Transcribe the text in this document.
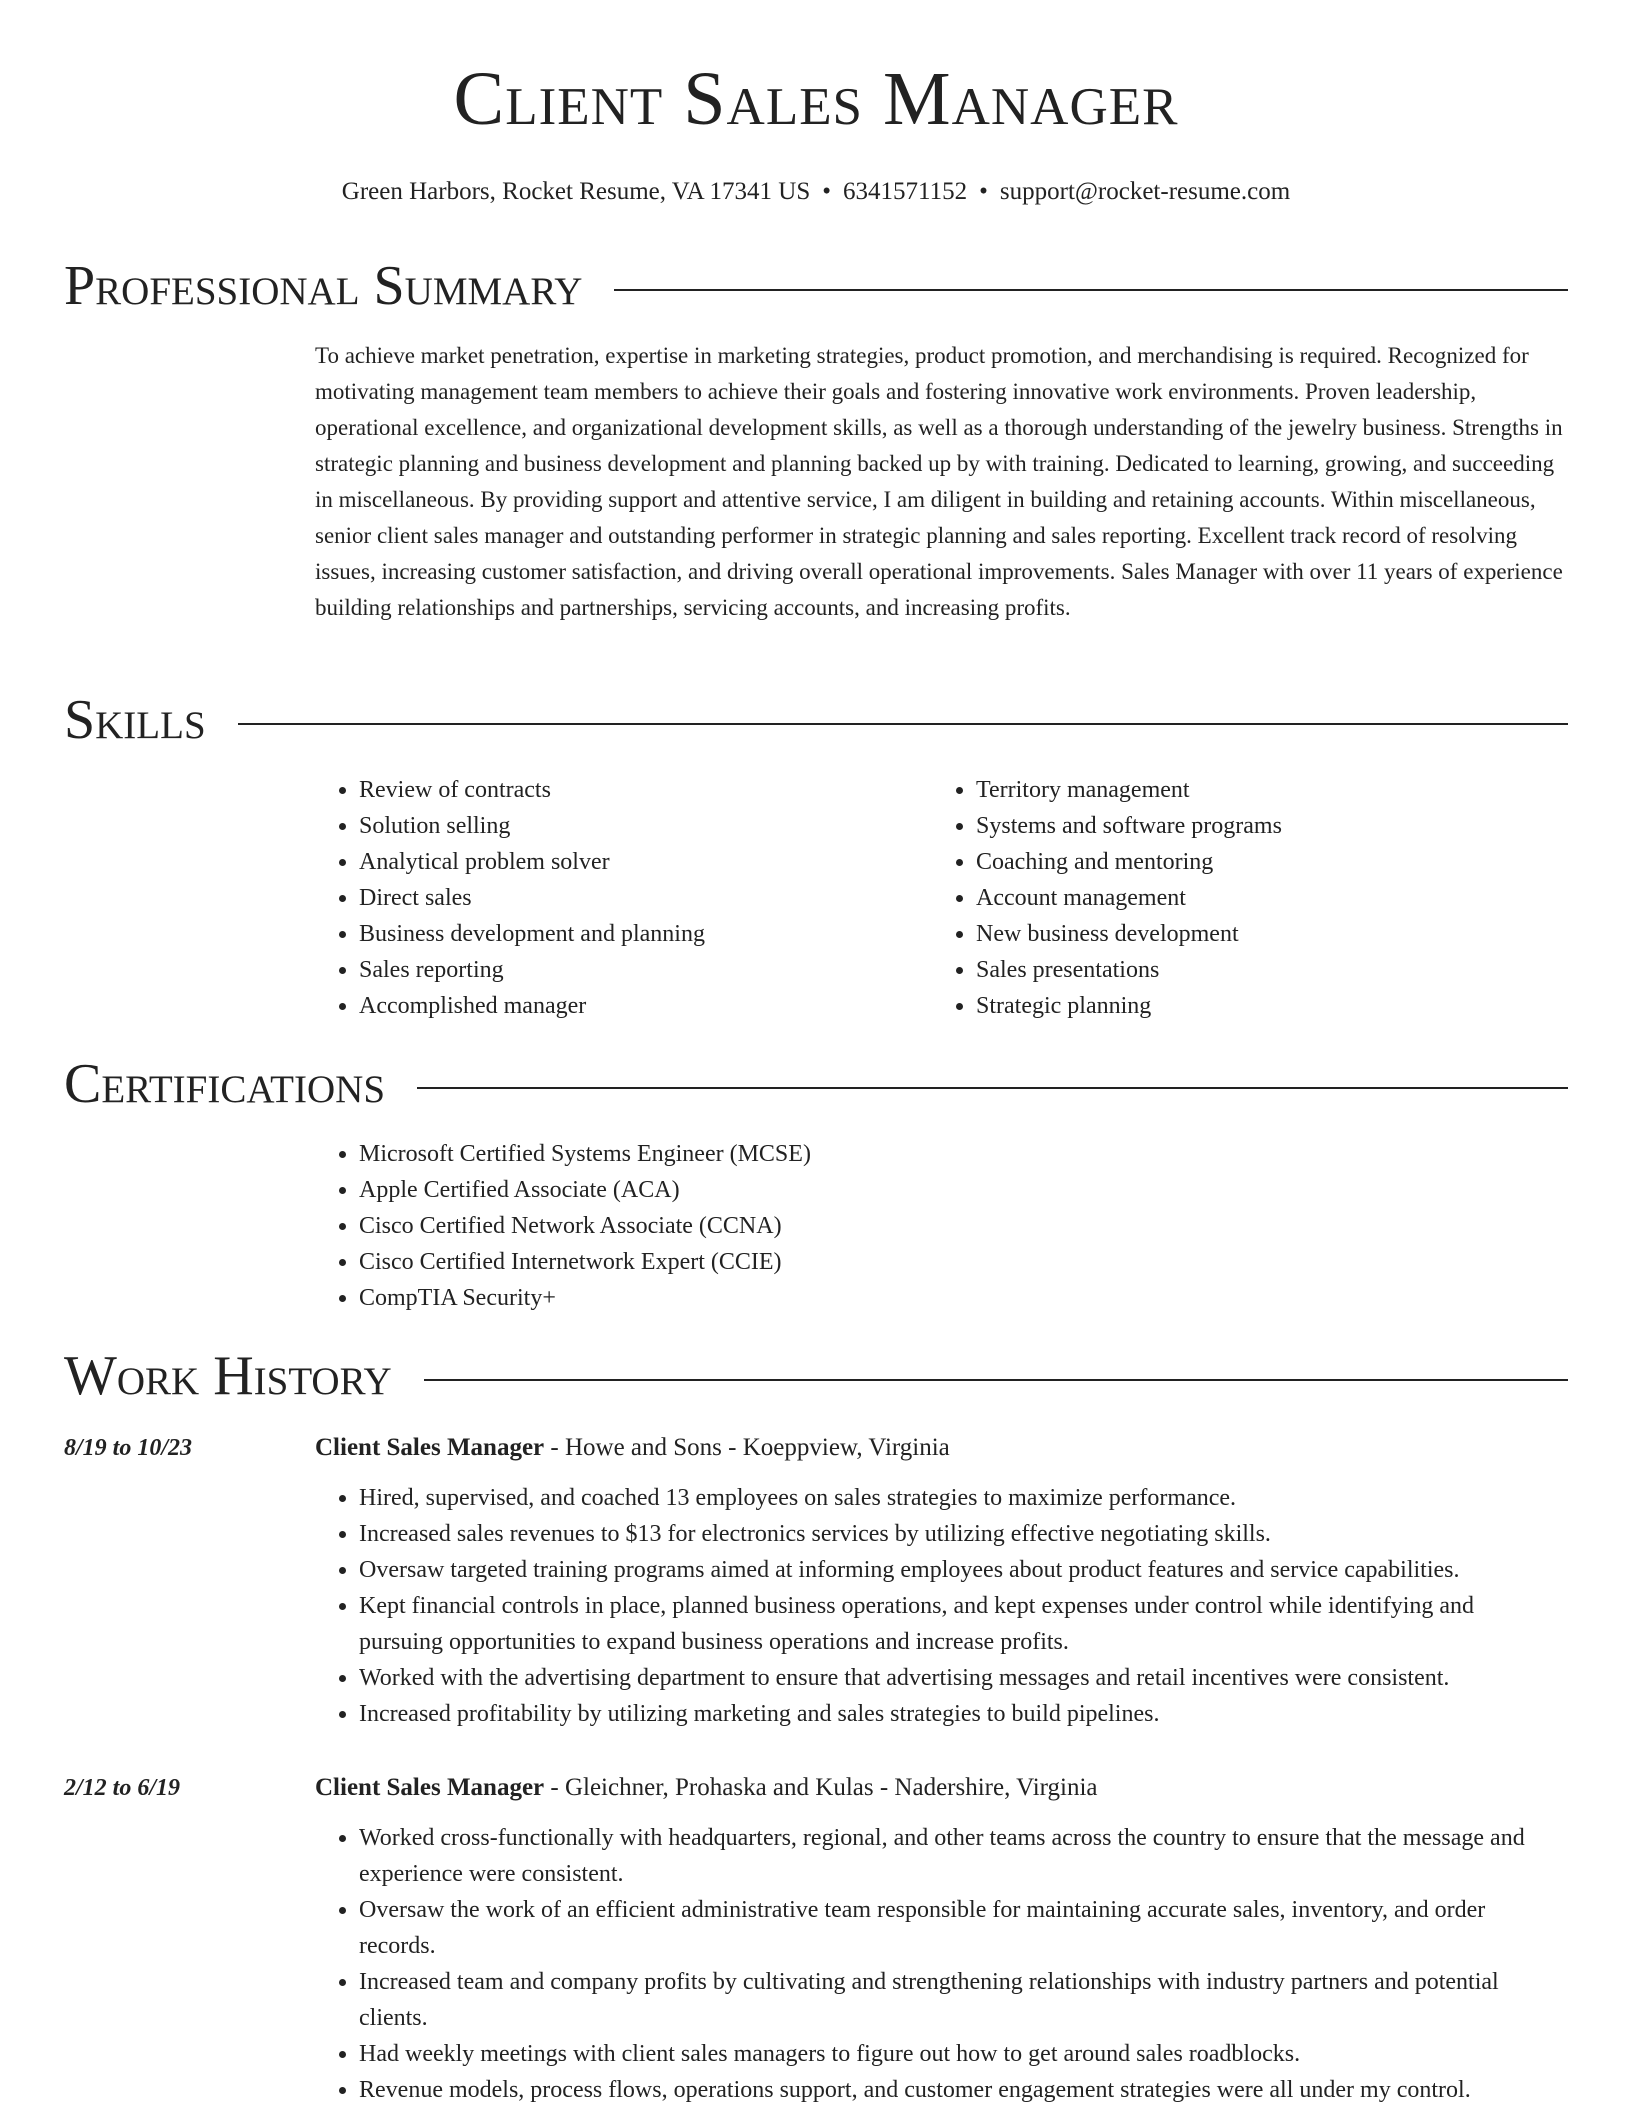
Client Sales Manager
Green Harbors, Rocket Resume, VA 17341 US • 6341571152 • support@rocket-resume.com
Professional Summary

To achieve market penetration, expertise in marketing strategies, product promotion, and merchandising is required. Recognized for motivating management team members to achieve their goals and fostering innovative work environments. Proven leadership, operational excellence, and organizational development skills, as well as a thorough understanding of the jewelry business. Strengths in strategic planning and business development and planning backed up by with training. Dedicated to learning, growing, and succeeding in miscellaneous. By providing support and attentive service, I am diligent in building and retaining accounts. Within miscellaneous, senior client sales manager and outstanding performer in strategic planning and sales reporting. Excellent track record of resolving issues, increasing customer satisfaction, and driving overall operational improvements. Sales Manager with over 11 years of experience building relationships and partnerships, servicing accounts, and increasing profits.

Skills
• Review of contracts
• Solution selling
• Analytical problem solver
• Direct sales
• Business development and planning
• Sales reporting
• Accomplished manager
• Territory management
• Systems and software programs
• Coaching and mentoring
• Account management
• New business development
• Sales presentations
• Strategic planning
Certifications
• Microsoft Certified Systems Engineer (MCSE)
• Apple Certified Associate (ACA)
• Cisco Certified Network Associate (CCNA)
• Cisco Certified Internetwork Expert (CCIE)
• CompTIA Security+
Work History
8/19 to 10/23	Client Sales Manager - Howe and Sons - Koeppview, Virginia
• Hired, supervised, and coached 13 employees on sales strategies to maximize performance.
• Increased sales revenues to $13 for electronics services by utilizing effective negotiating skills.
• Oversaw targeted training programs aimed at informing employees about product features and service capabilities.
• Kept financial controls in place, planned business operations, and kept expenses under control while identifying and pursuing opportunities to expand business operations and increase profits.
• Worked with the advertising department to ensure that advertising messages and retail incentives were consistent.
• Increased profitability by utilizing marketing and sales strategies to build pipelines.
2/12 to 6/19	Client Sales Manager - Gleichner, Prohaska and Kulas - Nadershire, Virginia
• Worked cross-functionally with headquarters, regional, and other teams across the country to ensure that the message and experience were consistent.
• Oversaw the work of an efficient administrative team responsible for maintaining accurate sales, inventory, and order records.
• Increased team and company profits by cultivating and strengthening relationships with industry partners and potential clients.
• Had weekly meetings with client sales managers to figure out how to get around sales roadblocks.
• Revenue models, process flows, operations support, and customer engagement strategies were all under my control.
